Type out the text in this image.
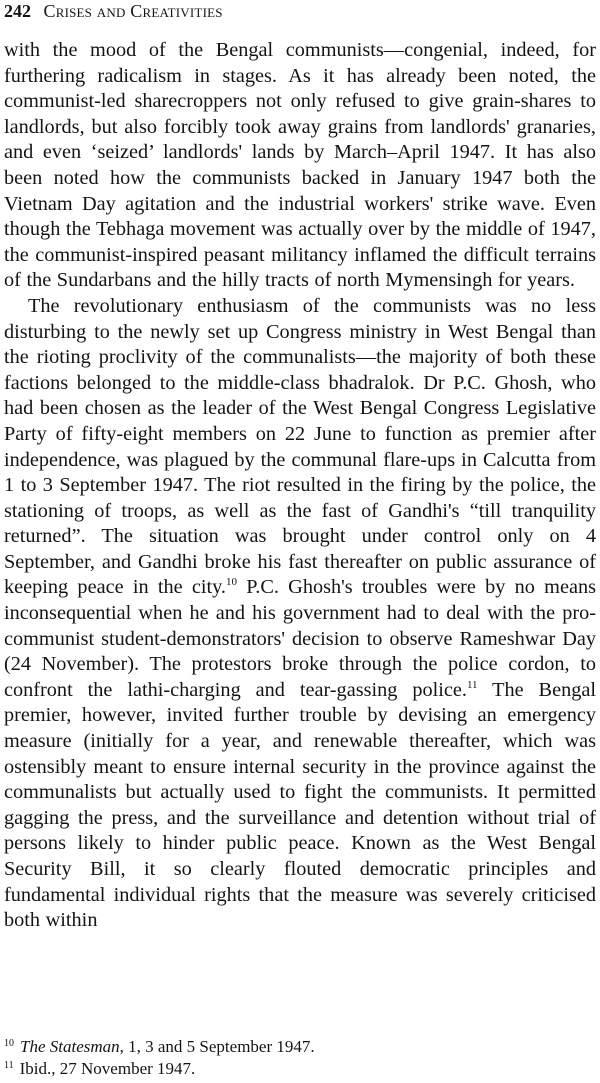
242 Crises and Creativities

with the mood of the Bengal communists—congenial, indeed, for furthering radicalism in stages. As it has already been noted, the communist-led sharecroppers not only refused to give grain-shares to landlords, but also forcibly took away grains from landlords' granaries, and even ‘seized’ landlords' lands by March–April 1947. It has also been noted how the communists backed in January 1947 both the Vietnam Day agitation and the industrial workers' strike wave. Even though the Tebhaga movement was actually over by the middle of 1947, the communist-inspired peasant militancy inflamed the difficult terrains of the Sundarbans and the hilly tracts of north Mymensingh for years.

The revolutionary enthusiasm of the communists was no less disturbing to the newly set up Congress ministry in West Bengal than the rioting proclivity of the communalists—the majority of both these factions belonged to the middle-class bhadralok. Dr P.C. Ghosh, who had been chosen as the leader of the West Bengal Congress Legislative Party of fifty-eight members on 22 June to function as premier after independence, was plagued by the communal flare-ups in Calcutta from 1 to 3 September 1947. The riot resulted in the firing by the police, the stationing of troops, as well as the fast of Gandhi's “till tranquility returned”. The situation was brought under control only on 4 September, and Gandhi broke his fast thereafter on public assurance of keeping peace in the city.$^{10}$ P.C. Ghosh's troubles were by no means inconsequential when he and his government had to deal with the pro-communist student-demonstrators' decision to observe Rameshwar Day (24 November). The protestors broke through the police cordon, to confront the lathi-charging and tear-gassing police.$^{11}$ The Bengal premier, however, invited further trouble by devising an emergency measure (initially for a year, and renewable thereafter, which was ostensibly meant to ensure internal security in the province against the communalists but actually used to fight the communists. It permitted gagging the press, and the surveillance and detention without trial of persons likely to hinder public peace. Known as the West Bengal Security Bill, it so clearly flouted democratic principles and fundamental individual rights that the measure was severely criticised both within

$^{10}$ The Statesman, 1, 3 and 5 September 1947.

$^{11}$ Ibid., 27 November 1947.
